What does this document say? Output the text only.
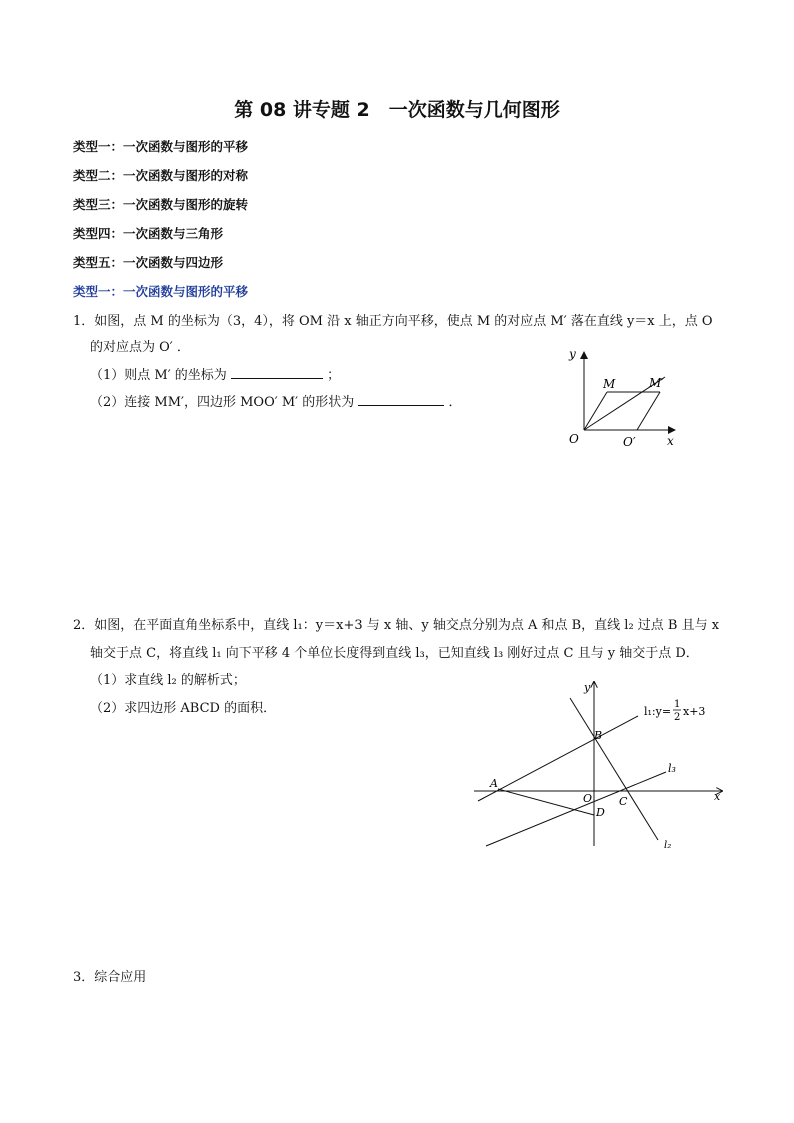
第 08 讲专题 2　一次函数与几何图形
类型一：一次函数与图形的平移
类型二：一次函数与图形的对称
类型三：一次函数与图形的旋转
类型四：一次函数与三角形
类型五：一次函数与四边形
类型一：一次函数与图形的平移
1．如图，点 M 的坐标为（3，4），将 OM 沿 x 轴正方向平移，使点 M 的对应点 M′ 落在直线 y＝x 上，点 O
的对应点为 O′ ．
（1）则点 M′ 的坐标为	；
（2）连接 MM′，四边形 MOO′ M′ 的形状为	．
y
x
O
M	M′
O′
2．如图，在平面直角坐标系中，直线 l₁：y＝x+3 与 x 轴、y 轴交点分别为点 A 和点 B，直线 l₂ 过点 B 且与 x
轴交于点 C，将直线 l₁ 向下平移 4 个单位长度得到直线 l₃，已知直线 l₃ 刚好过点 C 且与 y 轴交于点 D．
（1）求直线 l₂ 的解析式；
（2）求四边形 ABCD 的面积．
A
B
C
D
O
y
x
l₃
l₂
l₁:y=
1
2 x+3
3．综合应用
